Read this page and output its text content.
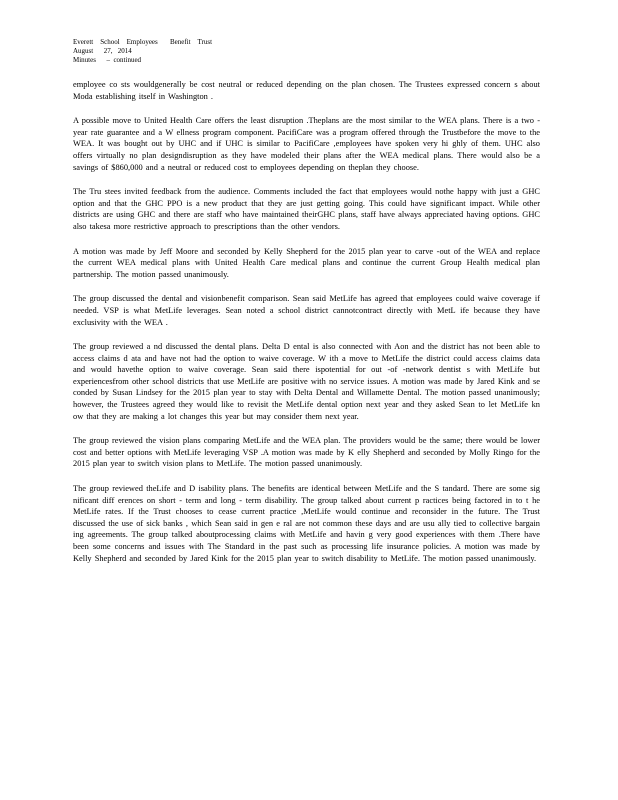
Everett    School    Employees       Benefit    Trust
August      27,   2014
Minutes      –  continued

employee co sts wouldgenerally be cost neutral or reduced depending on the plan chosen. The Trustees expressed concern s about Moda establishing itself in Washington .

A possible move to United Health Care offers the least disruption .Theplans are the most similar to the WEA plans. There is a two - year rate guarantee and a W ellness program component. PacifiCare was a program offered through the Trustbefore the move to the WEA. It was bought out by UHC and if UHC is similar to PacifiCare ,employees have spoken very hi ghly of them. UHC also offers virtually no plan designdisruption as they have modeled their plans after the WEA medical plans. There would also be a savings of $860,000 and a neutral or reduced cost to employees depending on theplan they choose.

The Tru stees invited feedback from the audience. Comments included the fact that employees would nothe happy with just a GHC option and that the GHC PPO is a new product that they are just getting going. This could have significant impact. While other districts are using GHC and there are staff who have maintained theirGHC plans, staff have always appreciated having options. GHC also takesa more restrictive approach to prescriptions than the other vendors.

A motion was made by Jeff Moore and seconded by Kelly Shepherd for the 2015 plan year to carve -out of the WEA and replace the current WEA medical plans with United Health Care medical plans and continue the current Group Health medical plan partnership. The motion passed unanimously.

The group discussed the dental and visionbenefit comparison. Sean said MetLife has agreed that employees could waive coverage if needed. VSP is what MetLife leverages. Sean noted a school district cannotcontract directly with MetL ife because they have exclusivity with the WEA .

The group reviewed a nd discussed the dental plans. Delta D ental is also connected with Aon and the district has not been able to access claims d ata and have not had the option to waive coverage. W ith a move to MetLife the district could access claims data and would havethe option to waive coverage. Sean said there ispotential for out -of -network dentist s with MetLife but experiencesfrom other school districts that use MetLife are positive with no service issues. A motion was made by Jared Kink and se conded by Susan Lindsey for the 2015 plan year to stay with Delta Dental and Willamette Dental. The motion passed unanimously; however, the Trustees agreed they would like to revisit the MetLife dental option next year and they asked Sean to let MetLife kn ow that they are making a lot changes this year but may consider them next year.

The group reviewed the vision plans comparing MetLife and the WEA plan. The providers would be the same; there would be lower cost and better options with MetLife leveraging VSP .A motion was made by K elly Shepherd and seconded by Molly Ringo for the 2015 plan year to switch vision plans to MetLife. The motion passed unanimously.

The group reviewed theLife and D isability plans. The benefits are identical between MetLife and the S tandard. There are some sig nificant diff erences on short - term and long - term disability. The group talked about current p ractices being factored in to t he MetLife rates. If the Trust chooses to cease current practice ,MetLife would continue and reconsider in the future. The Trust discussed the use of sick banks , which Sean said in gen e ral are not common these days and are usu ally tied to collective bargain ing agreements. The group talked aboutprocessing claims with MetLife and havin g very good experiences with them .There have been some concerns and issues with The Standard in the past such as processing life insurance policies. A motion was made by Kelly Shepherd and seconded by Jared Kink for the 2015 plan year to switch disability to MetLife. The motion passed unanimously.
